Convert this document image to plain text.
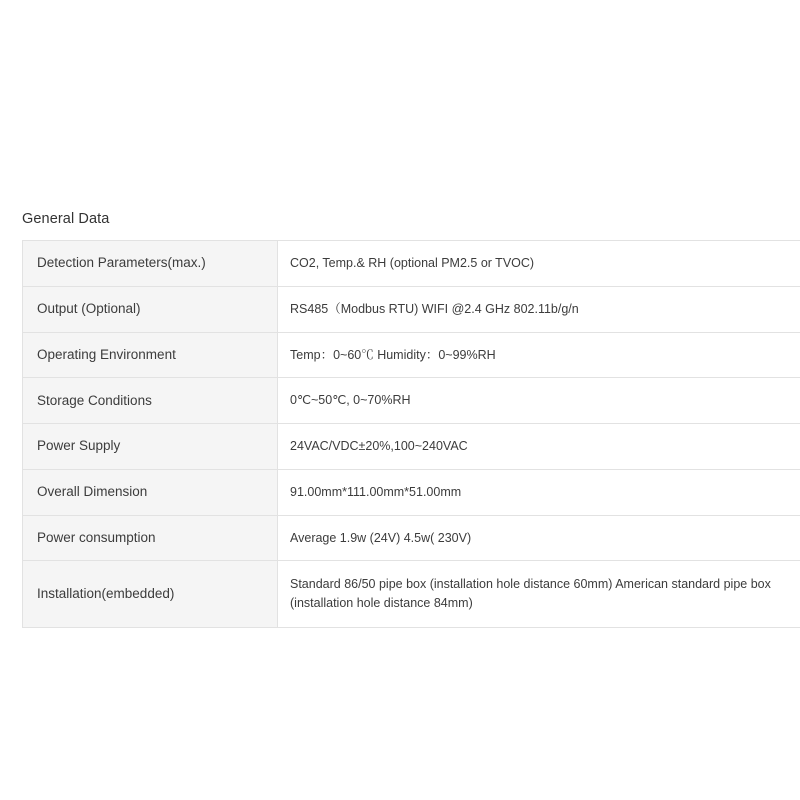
General Data
Detection Parameters(max.)	CO2, Temp.& RH (optional PM2.5 or TVOC)
Output (Optional)	RS485（Modbus RTU) WIFI @2.4 GHz 802.11b/g/n
Operating Environment	Temp：0~60℃ Humidity：0~99%RH
Storage Conditions	0℃~50℃, 0~70%RH
Power Supply	24VAC/VDC±20%,100~240VAC
Overall Dimension	91.00mm*111.00mm*51.00mm
Power consumption	Average 1.9w (24V) 4.5w( 230V)
Installation(embedded)	Standard 86/50 pipe box (installation hole distance 60mm) American standard pipe box (installation hole distance 84mm)
